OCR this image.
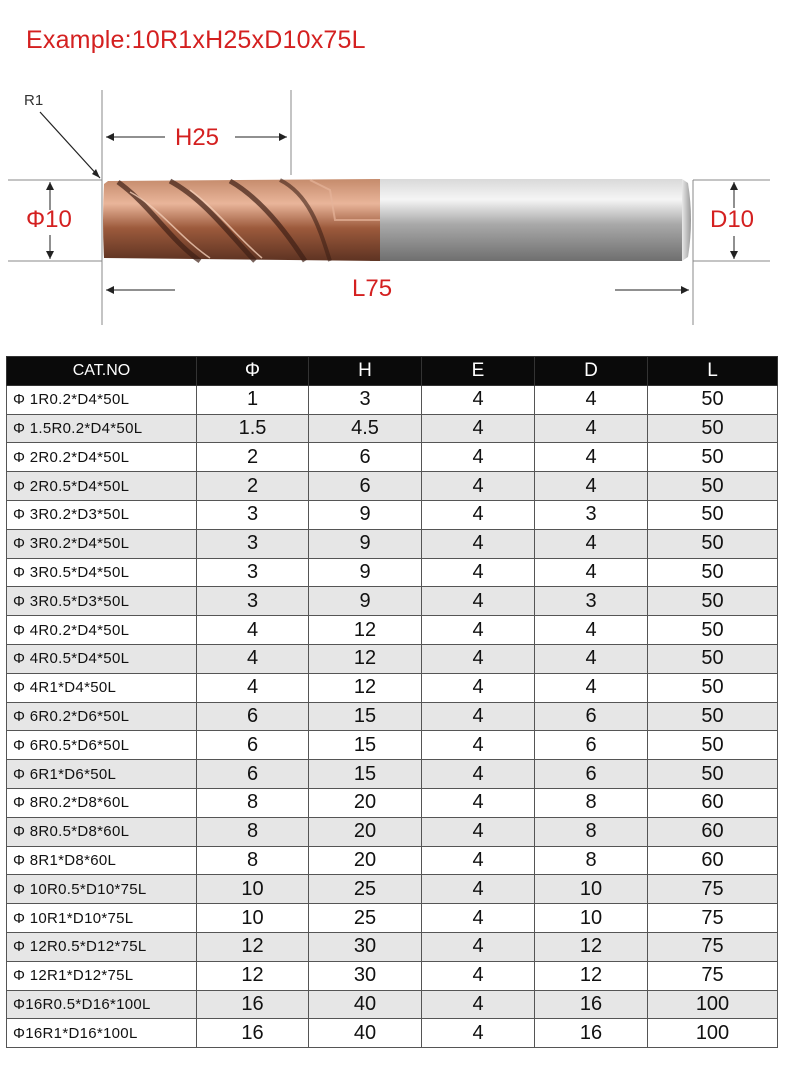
Example:10R1xH25xD10x75L
R1
H25
Φ10	D10
L75
CAT.NO	Φ	H	E	D	L
Φ 1R0.2*D4*50L	1	3	4	4	50
Φ 1.5R0.2*D4*50L	1.5	4.5	4	4	50
Φ 2R0.2*D4*50L	2	6	4	4	50
Φ 2R0.5*D4*50L	2	6	4	4	50
Φ 3R0.2*D3*50L	3	9	4	3	50
Φ 3R0.2*D4*50L	3	9	4	4	50
Φ 3R0.5*D4*50L	3	9	4	4	50
Φ 3R0.5*D3*50L	3	9	4	3	50
Φ 4R0.2*D4*50L	4	12	4	4	50
Φ 4R0.5*D4*50L	4	12	4	4	50
Φ 4R1*D4*50L	4	12	4	4	50
Φ 6R0.2*D6*50L	6	15	4	6	50
Φ 6R0.5*D6*50L	6	15	4	6	50
Φ 6R1*D6*50L	6	15	4	6	50
Φ 8R0.2*D8*60L	8	20	4	8	60
Φ 8R0.5*D8*60L	8	20	4	8	60
Φ 8R1*D8*60L	8	20	4	8	60
Φ 10R0.5*D10*75L	10	25	4	10	75
Φ 10R1*D10*75L	10	25	4	10	75
Φ 12R0.5*D12*75L	12	30	4	12	75
Φ 12R1*D12*75L	12	30	4	12	75
Φ16R0.5*D16*100L	16	40	4	16	100
Φ16R1*D16*100L	16	40	4	16	100
